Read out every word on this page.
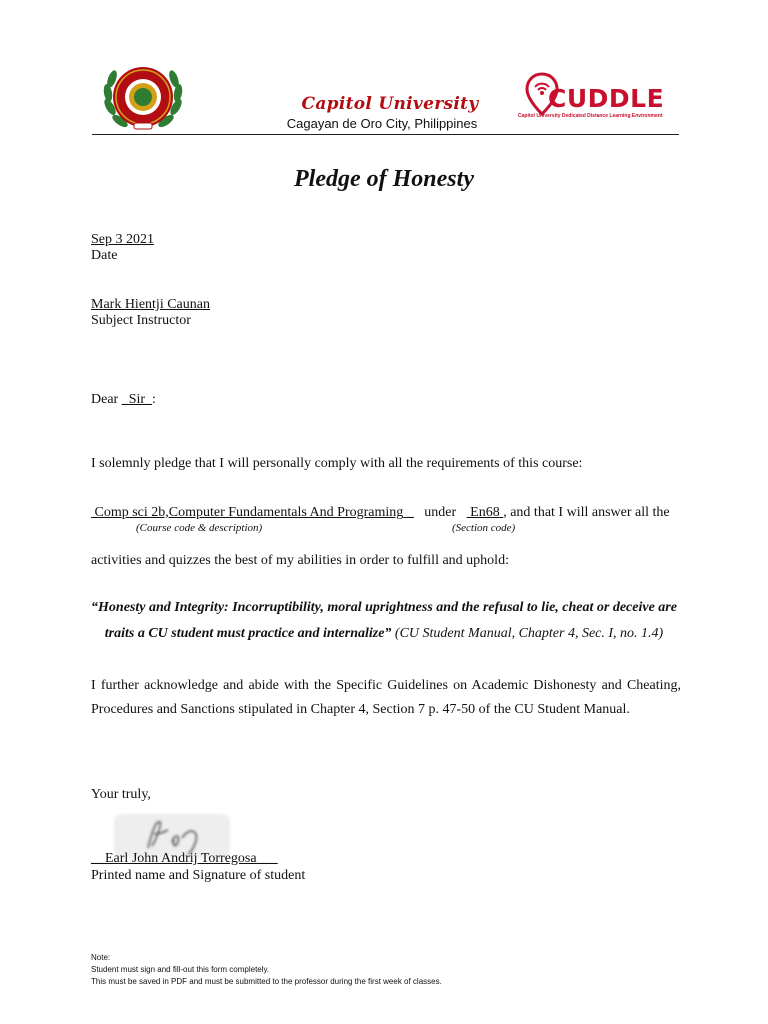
Capitol University
Cagayan de Oro City, Philippines
CUDDLE
Capitol University Dedicated Distance Learning Environment
Pledge of Honesty
Sep 3 2021
Date
Mark Hientji Caunan
Subject Instructor
Dear _Sir_:
I solemnly pledge that I will personally comply with all the requirements of this course:
Comp sci 2b,Computer Fundamentals And Programing _ under En68 , and that I will answer all the
(Course code & description)	(Section code)
activities and quizzes the best of my abilities in order to fulfill and uphold:
“Honesty and Integrity: Incorruptibility, moral uprightness and the refusal to lie, cheat or deceive are
traits a CU student must practice and internalize” (CU Student Manual, Chapter 4, Sec. I, no. 1.4)
I further acknowledge and abide with the Specific Guidelines on Academic Dishonesty and Cheating, Procedures and Sanctions stipulated in Chapter 4, Section 7 p. 47-50 of the CU Student Manual.
Your truly,
__Earl John Andrij Torregosa___
Printed name and Signature of student
Note:
Student must sign and fill-out this form completely.
This must be saved in PDF and must be submitted to the professor during the first week of classes.
